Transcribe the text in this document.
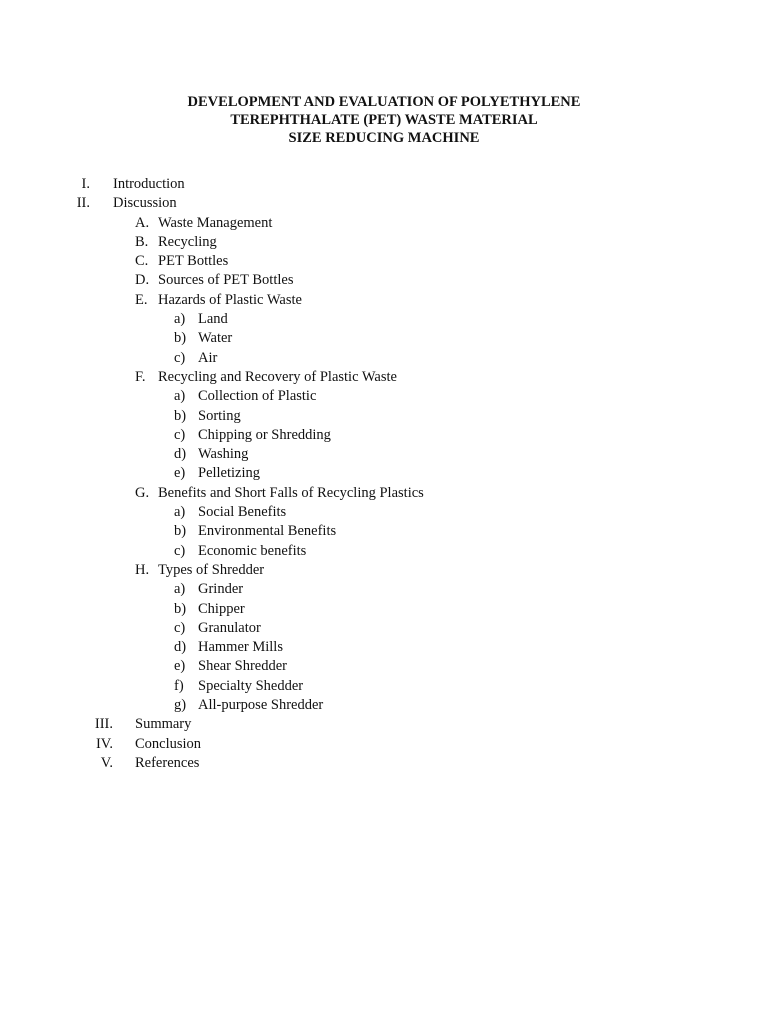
DEVELOPMENT AND EVALUATION OF POLYETHYLENE
TEREPHTHALATE (PET) WASTE MATERIAL
SIZE REDUCING MACHINE
I. Introduction
II. Discussion
A. Waste Management
B. Recycling
C. PET Bottles
D. Sources of PET Bottles
E. Hazards of Plastic Waste
a) Land
b) Water
c) Air
F. Recycling and Recovery of Plastic Waste
a) Collection of Plastic
b) Sorting
c) Chipping or Shredding
d) Washing
e) Pelletizing
G. Benefits and Short Falls of Recycling Plastics
a) Social Benefits
b) Environmental Benefits
c) Economic benefits
H. Types of Shredder
a) Grinder
b) Chipper
c) Granulator
d) Hammer Mills
e) Shear Shredder
f) Specialty Shedder
g) All-purpose Shredder
III. Summary
IV. Conclusion
V. References
